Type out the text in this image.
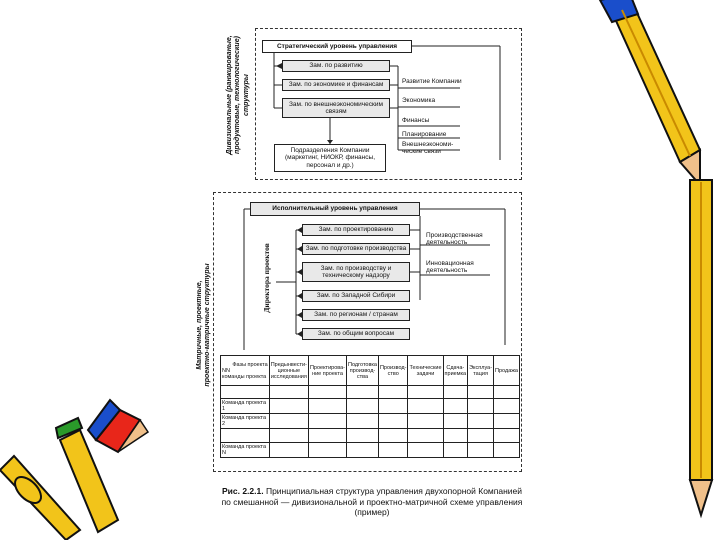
Дивизиональные (ранжированые, продуктовые, технологические) структуры
Стратегический уровень управления
Зам. по развитию
Зам. по экономике и финансам
Зам. по внешнеэкономическим связям
Подразделения Компании (маркетинг, НИОКР, финансы, персонал и др.)
Развитие Компании
Экономика
Финансы
Планирование
Внешнеэкономи-ческие связи
Матричные, проектные, проектно-матричные структуры
Исполнительный уровень управления
Директора проектов
Зам. по проектированию
Зам. по подготовке производства
Зам. по производству и техническому надзору
Зам. по Западной Сибири
Зам. по регионам / странам
Зам. по общим вопросам
Производственная деятельность
Инновационная деятельность
Фазы проекта
NN
команды проекта	Предынвести-ционные исследования	Проектирова-ние проекта	Подготовка производ-ства	Производ-ство	Технические задачи	Сдача-приемка	Эксплуа-тация	Продажа

Команда проекта 1								
Команда проекта 2								

Команда проекта N								
Рис. 2.2.1. Принципиальная структура управления двухопорной Компанией по смешанной — дивизиональной и проектно-матричной схеме управления (пример)
